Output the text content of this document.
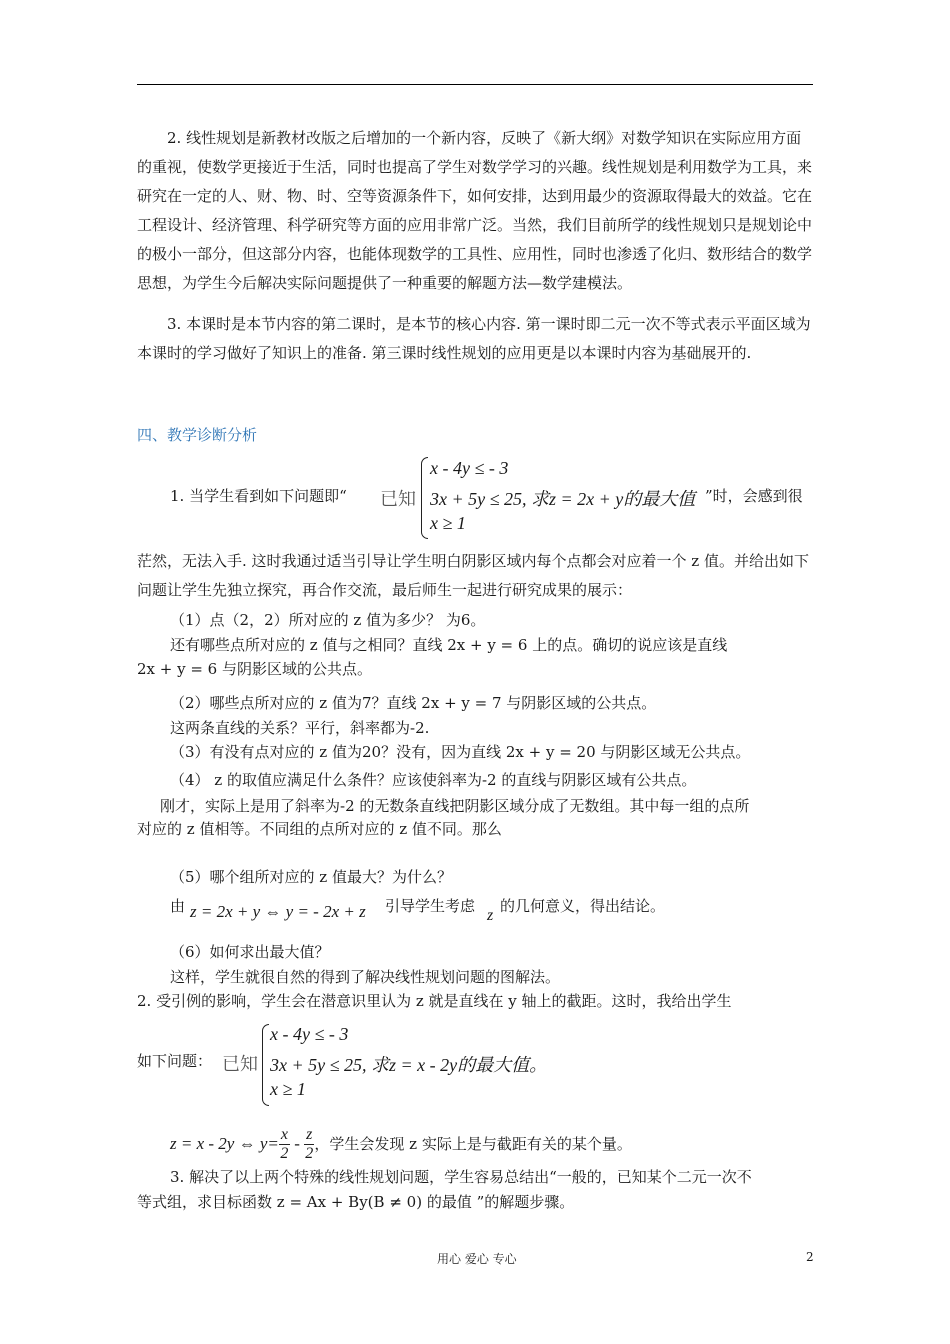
2. 线性规划是新教材改版之后增加的一个新内容，反映了《新大纲》对数学知识在实际应用方面的重视，使数学更接近于生活，同时也提高了学生对数学学习的兴趣。线性规划是利用数学为工具，来研究在一定的人、财、物、时、空等资源条件下，如何安排，达到用最少的资源取得最大的效益。它在工程设计、经济管理、科学研究等方面的应用非常广泛。当然，我们目前所学的线性规划只是规划论中的极小一部分，但这部分内容，也能体现数学的工具性、应用性，同时也渗透了化归、数形结合的数学思想，为学生今后解决实际问题提供了一种重要的解题方法—数学建模法。

3. 本课时是本节内容的第二课时，是本节的核心内容. 第一课时即二元一次不等式表示平面区域为本课时的学习做好了知识上的准备. 第三课时线性规划的应用更是以本课时内容为基础展开的.

四、教学诊断分析

1. 当学生看到如下问题即“ 已知
x - 4y ≤ - 3
3x + 5y ≤ 25, 求z = 2x + y的最大值
x ≥ 1

”时，会感到很

茫然，无法入手. 这时我通过适当引导让学生明白阴影区域内每个点都会对应着一个 z 值。并给出如下问题让学生先独立探究，再合作交流，最后师生一起进行研究成果的展示：

（1）点（2，2）所对应的 z 值为多少？ 为6。

还有哪些点所对应的 z 值与之相同？直线 2x + y = 6 上的点。确切的说应该是直线

2x + y = 6 与阴影区域的公共点。

（2）哪些点所对应的 z 值为7？直线 2x + y = 7 与阴影区域的公共点。

这两条直线的关系？平行，斜率都为-2.

（3）有没有点对应的 z 值为20？没有，因为直线 2x + y = 20 与阴影区域无公共点。

（4） z 的取值应满足什么条件？应该使斜率为-2 的直线与阴影区域有公共点。

刚才，实际上是用了斜率为-2 的无数条直线把阴影区域分成了无数组。其中每一组的点所

对应的 z 值相等。不同组的点所对应的 z 值不同。那么

（5）哪个组所对应的 z 值最大？为什么？

由 z = 2x + y ⇔ y = - 2x + z 引导学生考虑

z

的几何意义，得出结论。

（6）如何求出最大值？

这样，学生就很自然的得到了解决线性规划问题的图解法。

2. 受引例的影响，学生会在潜意识里认为 z 就是直线在 y 轴上的截距。这时，我给出学生

如下问题： 已知
x - 4y ≤ - 3
3x + 5y ≤ 25, 求z = x - 2y的最大值。
x ≥ 1
z = x - 2y ⇔ $y= \frac{x}{2} - \frac{z}{2}$ ，学生会发现 z 实际上是与截距有关的某个量。

3. 解决了以上两个特殊的线性规划问题，学生容易总结出“一般的，已知某个二元一次不

等式组，求目标函数 z = Ax + By(B ≠ 0) 的最值 ”的解题步骤。

用心 爱心 专心	2
